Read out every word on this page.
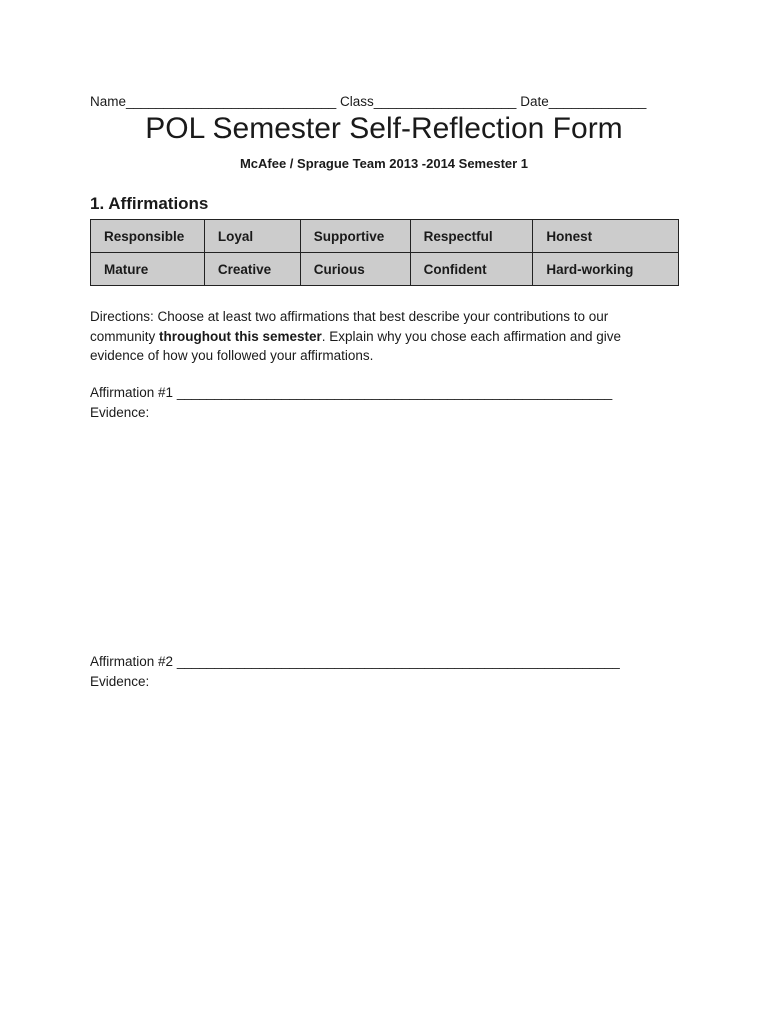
Name____________________________ Class___________________ Date_____________
POL Semester Self-Reflection Form
McAfee / Sprague Team 2013 -2014 Semester 1
1. Affirmations
Responsible	Loyal	Supportive	Respectful	Honest
Mature	Creative	Curious	Confident	Hard-working
Directions: Choose at least two affirmations that best describe your contributions to our community throughout this semester. Explain why you chose each affirmation and give evidence of how you followed your affirmations.
Affirmation #1 __________________________________________________________
Evidence:
Affirmation #2 ___________________________________________________________
Evidence:
